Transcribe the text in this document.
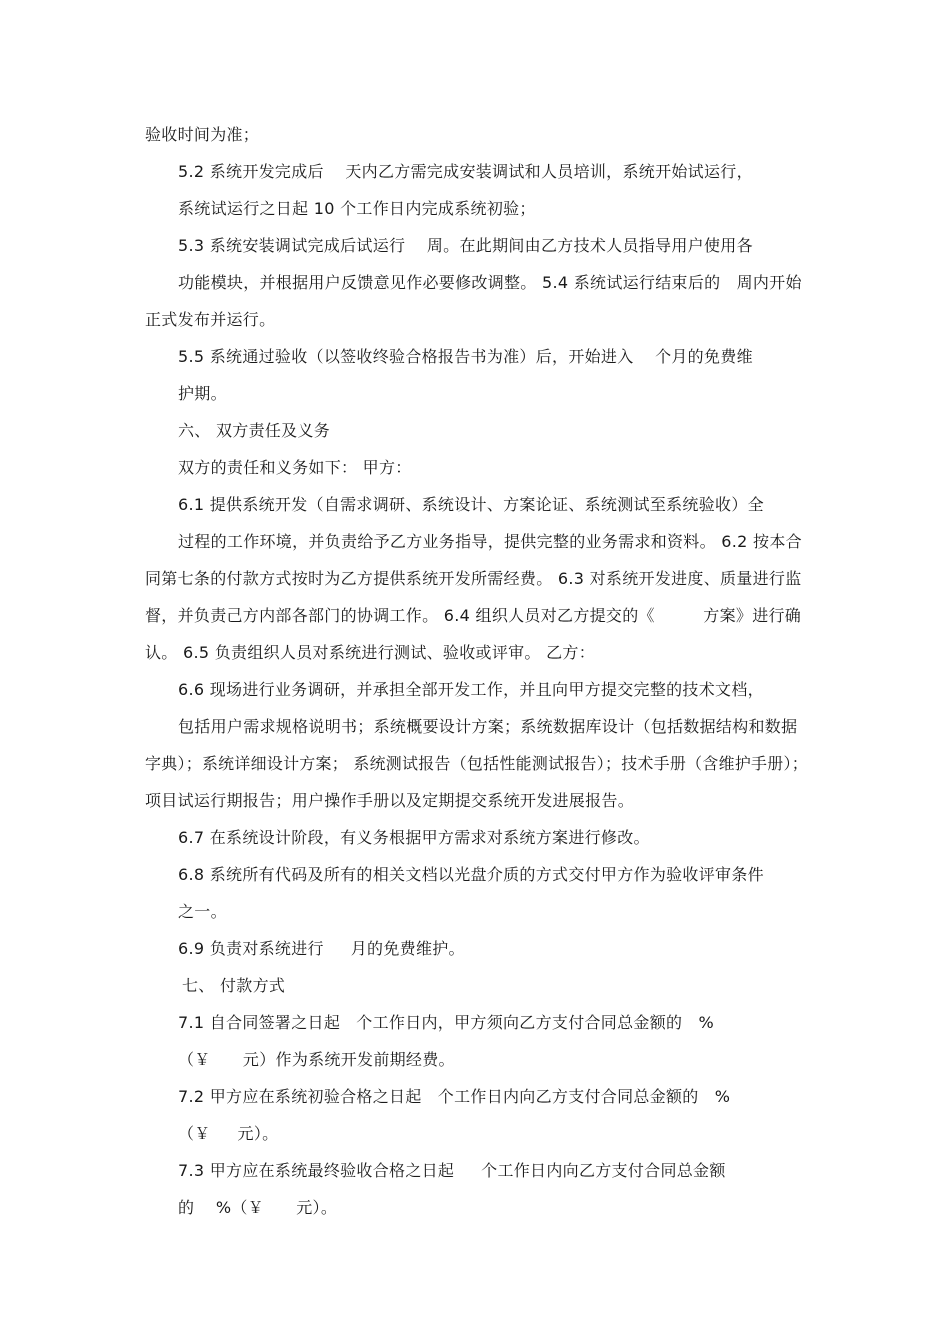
验收时间为准；
5.2 系统开发完成后    天内乙方需完成安装调试和人员培训，系统开始试运行，
系统试运行之日起 10 个工作日内完成系统初验；
5.3 系统安装调试完成后试运行    周。在此期间由乙方技术人员指导用户使用各
功能模块，并根据用户反馈意见作必要修改调整。 5.4 系统试运行结束后的   周内开始
正式发布并运行。
5.5 系统通过验收（以签收终验合格报告书为准）后，开始进入    个月的免费维
护期。
六、 双方责任及义务
双方的责任和义务如下： 甲方：
6.1 提供系统开发（自需求调研、系统设计、方案论证、系统测试至系统验收）全
过程的工作环境，并负责给予乙方业务指导，提供完整的业务需求和资料。 6.2 按本合
同第七条的付款方式按时为乙方提供系统开发所需经费。 6.3 对系统开发进度、质量进行监
督，并负责己方内部各部门的协调工作。 6.4 组织人员对乙方提交的《         方案》进行确
认。 6.5 负责组织人员对系统进行测试、验收或评审。 乙方：
6.6 现场进行业务调研，并承担全部开发工作，并且向甲方提交完整的技术文档，
包括用户需求规格说明书；系统概要设计方案；系统数据库设计（包括数据结构和数据
字典）；系统详细设计方案； 系统测试报告（包括性能测试报告）；技术手册（含维护手册）；
项目试运行期报告；用户操作手册以及定期提交系统开发进展报告。
6.7 在系统设计阶段，有义务根据甲方需求对系统方案进行修改。
6.8 系统所有代码及所有的相关文档以光盘介质的方式交付甲方作为验收评审条件
之一。
6.9 负责对系统进行     月的免费维护。
七、 付款方式
7.1 自合同签署之日起   个工作日内，甲方须向乙方支付合同总金额的   %
（￥      元）作为系统开发前期经费。
7.2 甲方应在系统初验合格之日起   个工作日内向乙方支付合同总金额的   %
（￥     元）。
7.3 甲方应在系统最终验收合格之日起     个工作日内向乙方支付合同总金额
的    %（￥      元）。
